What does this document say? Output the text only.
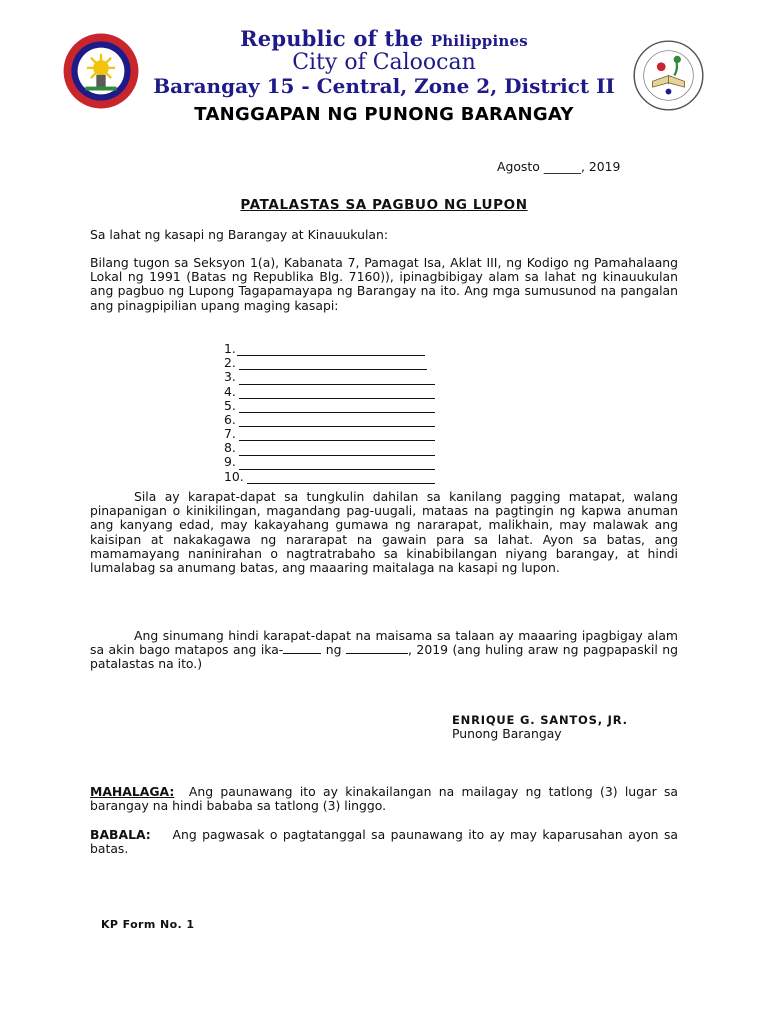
Republic of the Philippines
City of Caloocan
Barangay 15 - Central, Zone 2, District II
TANGGAPAN NG PUNONG BARANGAY
Agosto ______, 2019
PATALASTAS SA PAGBUO NG LUPON
Sa lahat ng kasapi ng Barangay at Kinauukulan:
Bilang tugon sa Seksyon 1(a), Kabanata 7, Pamagat Isa, Aklat III, ng Kodigo ng Pamahalaang Lokal ng 1991 (Batas ng Republika Blg. 7160)), ipinagbibigay alam sa lahat ng kinauukulan ang pagbuo ng Lupong Tagapamayapa ng Barangay na ito. Ang mga sumusunod na pangalan ang pinagpipilian upang maging kasapi:
1.
2.
3.
4.
5.
6.
7.
8.
9.
10.
Sila ay karapat-dapat sa tungkulin dahilan sa kanilang pagging matapat, walang pinapanigan o kinikilingan, magandang pag-uugali, mataas na pagtingin ng kapwa anuman ang kanyang edad, may kakayahang gumawa ng nararapat, malikhain, may malawak ang kaisipan at nakakagawa ng nararapat na gawain para sa lahat. Ayon sa batas, ang mamamayang naninirahan o nagtratrabaho sa kinabibilangan niyang barangay, at hindi lumalabag sa anumang batas, ang maaaring maitalaga na kasapi ng lupon.
Ang sinumang hindi karapat-dapat na maisama sa talaan ay maaaring ipagbigay alam sa akin bago matapos ang ika-	ng	, 2019 (ang huling araw ng pagpapaskil ng patalastas na ito.)
ENRIQUE G. SANTOS, JR.
Punong Barangay
MAHALAGA:  Ang paunawang ito ay kinakailangan na mailagay ng tatlong (3) lugar sa barangay na hindi bababa sa tatlong (3) linggo.
BABALA:    Ang pagwasak o pagtatanggal sa paunawang ito ay may kaparusahan ayon sa batas.
KP Form No. 1
